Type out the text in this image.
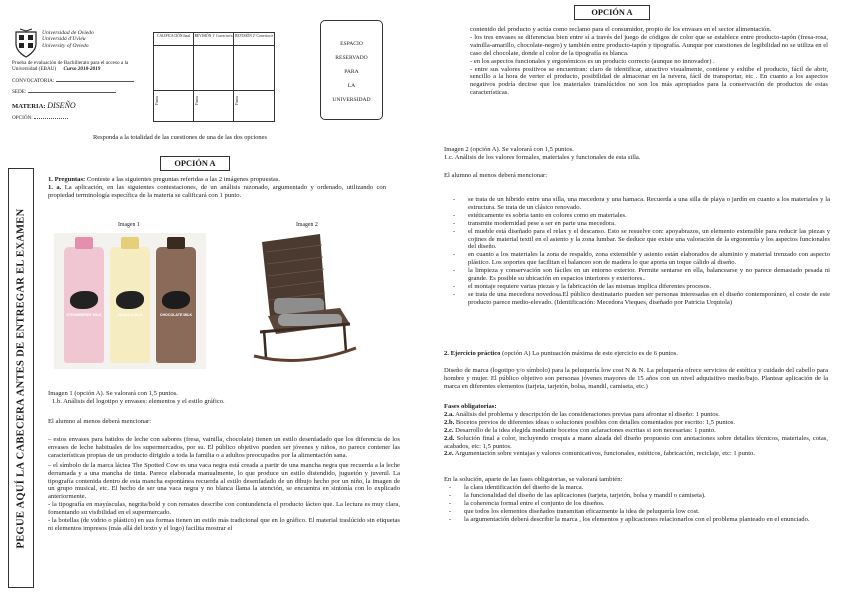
Universidad de Oviedo
Universidá d'Uviéu
University of Oviedo
Prueba de evaluación de Bachillerato para el acceso a la Universidad (EBAU) Curso 2018-2019
CONVOCATORIA:
SEDE:
MATERIA: DISEÑO
OPCIÓN:
CALIFICACIÓN final
Firma
REVISIÓN 1º Corrector/a
Firma
REVISIÓN 2º Corrector/a
Firma
ESPACIO
RESERVADO
PARA
LA
UNIVERSIDAD
Responda a la totalidad de las cuestiones de una de las dos opciones
PEGUE AQUÍ LA CABECERA ANTES DE ENTREGAR EL EXAMEN
OPCIÓN A
1. Preguntas: Conteste a las siguientes preguntas referidas a las 2 imágenes propuestas.
1. a. La aplicación, en las siguientes contestaciones, de un análisis razonado, argumentado y ordenado, utilizando con propiedad terminología específica de la materia se calificará con 1 punto.
Imagen 1	Imagen 2
STRAWBERRY MILK	VANILLA MILK	CHOCOLATE MILK
Imagen 1 (opción A). Se valorará con 1,5 puntos.
1.b. Análisis del logotipo y envases: elementos y el estilo gráfico.
El alumno al menos deberá mencionar:
– estos envases para batidos de leche con sabores (fresa, vainilla, chocolate) tienen un estilo desenfadado que los diferencia de los envases de leche habituales de los supermercados, por su. El público objetivo pueden ser jóvenes y niños, no parece contener las características propias de un producto dirigido a toda la familia o a adultos preocupados por la alimentación sana.
– el símbolo de la marca láctea The Spotted Cow es una vaca negra está creada a partir de una mancha negra que recuerda a la leche derramada y a una mancha de tinta. Parece elaborada manualmente, lo que produce un estilo distendido, juguetón y juvenil. La tipografía contenida dentro de esta mancha espontánea recuerda al estilo desenfadado de un dibujo hecho por un niño, la imagen de un grupo musical, etc. El hecho de ser una vaca negra y no blanca llama la atención, se encuentra en sintonía con lo explicado anteriormente.
- la tipografía en mayúsculas, negrita/bold y con remates describe con contundencia el producto lácteo que. La lectura es muy clara, fomentando su visibilidad en el supermercado.
- la botellas (de vidrio o plástico) en sus formas tienen un estilo más tradicional que en lo gráfico. El material traslúcido sin etiquetas ni elementos impresos (más allá del texto y el logo) facilita mostrar el
OPCIÓN A
contenido del producto y actúa como reclamo para el consumidor, propio de los envases en el sector alimentación.
- los tres envases se diferencias bien entre sí a través del juego de códigos de color que se establece entre producto-tapón (fresa-rosa, vainilla-amarillo, chocolate-negro) y también entre producto-tapón y tipografía. Aunque por cuestiones de legibilidad no se utiliza en el caso del chocolate, donde el color de la tipografía es blanca.
- en los aspectos funcionales y ergonómicos es un producto correcto (aunque no innovador) .
- entre sus valores positivos se encuentran: claro de identificar, atractivo visualmente, contiene y exhibe el producto, fácil de abrir, sencillo a la hora de verter el producto, posibilidad de almacenar en la nevera, fácil de transportar, etc . En cuanto a los aspectos negativos podría decirse que los materiales translúcidos no son los más apropiados para la conservación de productos de estas características.
Imagen 2 (opción A). Se valorará con 1,5 puntos.
1.c. Análisis de los valores formales, materiales y funcionales de esta silla.
El alumno al menos deberá mencionar:
- se trata de un híbrido entre una silla, una mecedora y una hamaca. Recuerda a una silla de playa o jardín en cuanto a los materiales y la estructura. Se trata de un clásico renovado.
- estéticamente es sobria tanto en colores como en materiales.
- transmite modernidad pese a ser en parte una mecedora.
- el mueble está diseñado para el relax y el descanso. Esto se resuelve con: apoyabrazos, un elemento extensible para reducir las piezas y cojines de material textil en el asiento y la zona lumbar. Se deduce que existe una valoración de la ergonomía y los aspectos funcionales del diseño.
- en cuanto a los materiales la zona de respaldo, zona extensible y asiento están elaborados de aluminio y material trenzado con aspecto plástico. Los soportes que facilitan el balanceo son de madera lo que aporta un toque cálido al diseño.
- la limpieza y conservación son fáciles en un entorno exterior. Permite sentarse en ella, balancearse y no parece demasiado pesada ni grande. Es posible su ubicación en espacios interiores y exteriores..
- el montaje requiere varias piezas y la fabricación de las mismas implica diferentes procesos.
- se trata de una mecedora novedosa.El público destinatario pueden ser personas interesadas en el diseño contemporáneo, el coste de este producto parece medio-elevado. (Identificación: Mecedora Vieques, diseñado por Patricia Urquiola)
2. Ejercicio práctico (opción A) La puntuación máxima de este ejercicio es de 6 puntos.
Diseño de marca (logotipo y/o símbolo) para la peluquería low cost N & N. La peluquería ofrece servicios de estética y cuidado del cabello para hombre y mujer. El público objetivo son personas jóvenes mayores de 15 años con un nivel adquisitivo medio/bajo. Plantear aplicación de la marca en diferentes elementos (tarjeta, tarjetón, bolsa, mandil, camiseta, etc.)
Fases obligatorias:
2.a. Análisis del problema y descripción de las consideraciones previas para afrontar el diseño: 1 puntos.
2.b. Bocetos previos de diferentes ideas o soluciones posibles con detalles comentados por escrito: 1,5 puntos.
2.c. Desarrollo de la idea elegida mediante bocetos con aclaraciones escritas si son necesarias: 1 punto.
2.d. Solución final a color, incluyendo croquis a mano alzada del diseño propuesto con anotaciones sobre detalles técnicos, materiales, cotas, acabados, etc: 1,5 puntos.
2.e. Argumentación sobre ventajas y valores comunicativos, funcionales, estéticos, fabricación, reciclaje, etc: 1 punto.
En la solución, aparte de las fases obligatorias, se valorará también:
- la clara identificación del diseño de la marca.
- la funcionalidad del diseño de las aplicaciones (tarjeta, tarjetón, bolsa y mandil o camiseta).
- la coherencia formal entre el conjunto de los diseños.
- que todos los elementos diseñados transmitan eficazmente la idea de peluquería low cost.
- la argumentación deberá describir la marca , los elementos y aplicaciones relacionarlos con el problema planteado en el enunciado.
